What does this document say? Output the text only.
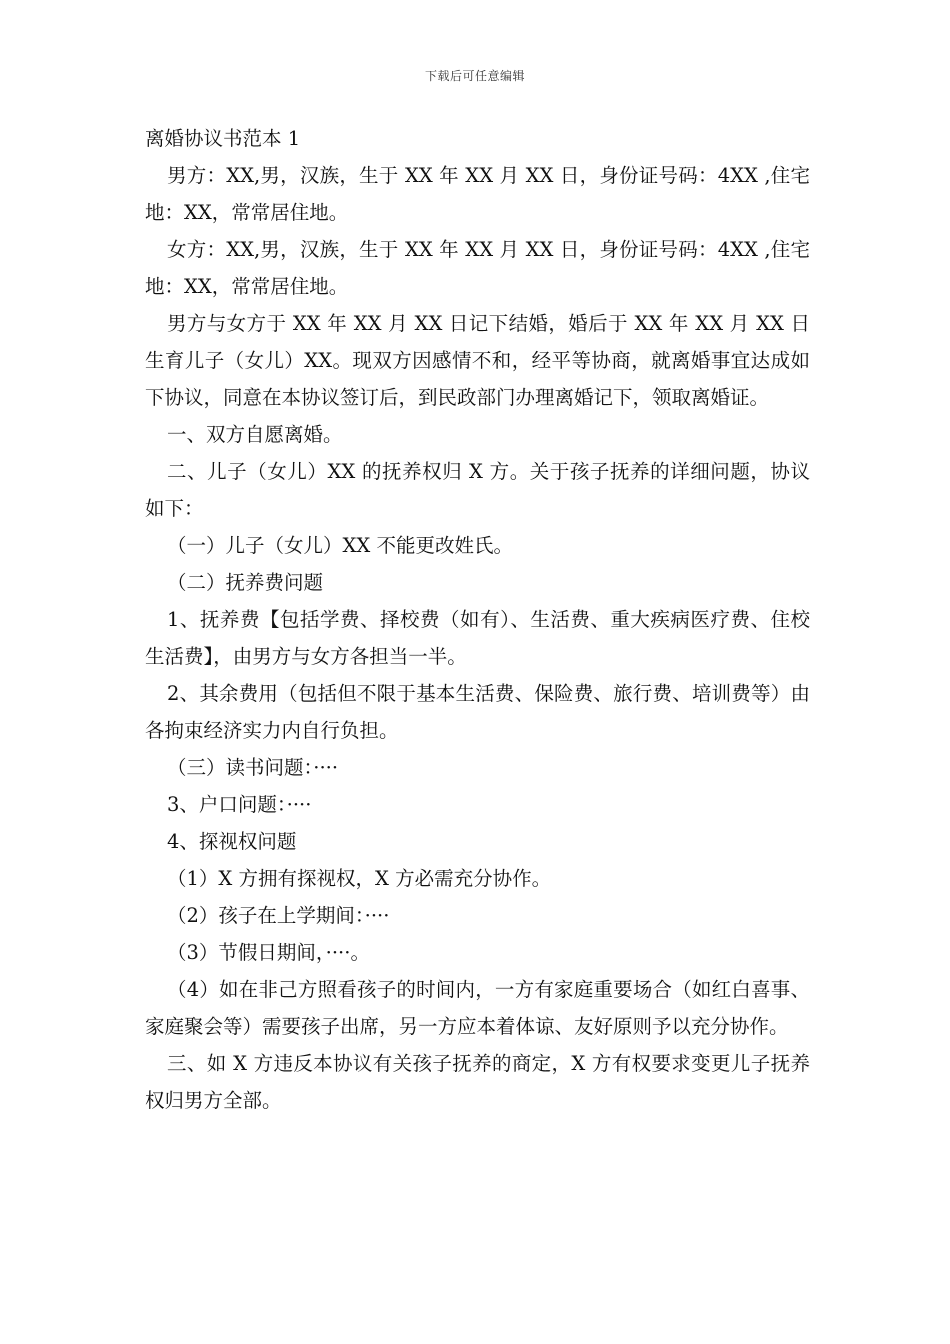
下载后可任意编辑

离婚协议书范本 1

男方：XX,男，汉族，生于 XX 年 XX 月 XX 日，身份证号码：4XX ,住宅地：XX，常常居住地。

女方：XX,男，汉族，生于 XX 年 XX 月 XX 日，身份证号码：4XX ,住宅地：XX，常常居住地。

男方与女方于 XX 年 XX 月 XX 日记下结婚，婚后于 XX 年 XX 月 XX 日生育儿子（女儿）XX。现双方因感情不和，经平等协商，就离婚事宜达成如下协议，同意在本协议签订后，到民政部门办理离婚记下，领取离婚证。

一、双方自愿离婚。

二、儿子（女儿）XX 的抚养权归 X 方。关于孩子抚养的详细问题，协议如下：

（一）儿子（女儿）XX 不能更改姓氏。

（二）抚养费问题

1、抚养费【包括学费、择校费（如有）、生活费、重大疾病医疗费、住校生活费】，由男方与女方各担当一半。

2、其余费用（包括但不限于基本生活费、保险费、旅行费、培训费等）由各拘束经济实力内自行负担。

（三）读书问题：····

3、户口问题：····

4、探视权问题

（1）X 方拥有探视权，X 方必需充分协作。

（2）孩子在上学期间：····

（3）节假日期间，····。

（4）如在非己方照看孩子的时间内，一方有家庭重要场合（如红白喜事、家庭聚会等）需要孩子出席，另一方应本着体谅、友好原则予以充分协作。

三、如 X 方违反本协议有关孩子抚养的商定，X 方有权要求变更儿子抚养权归男方全部。
